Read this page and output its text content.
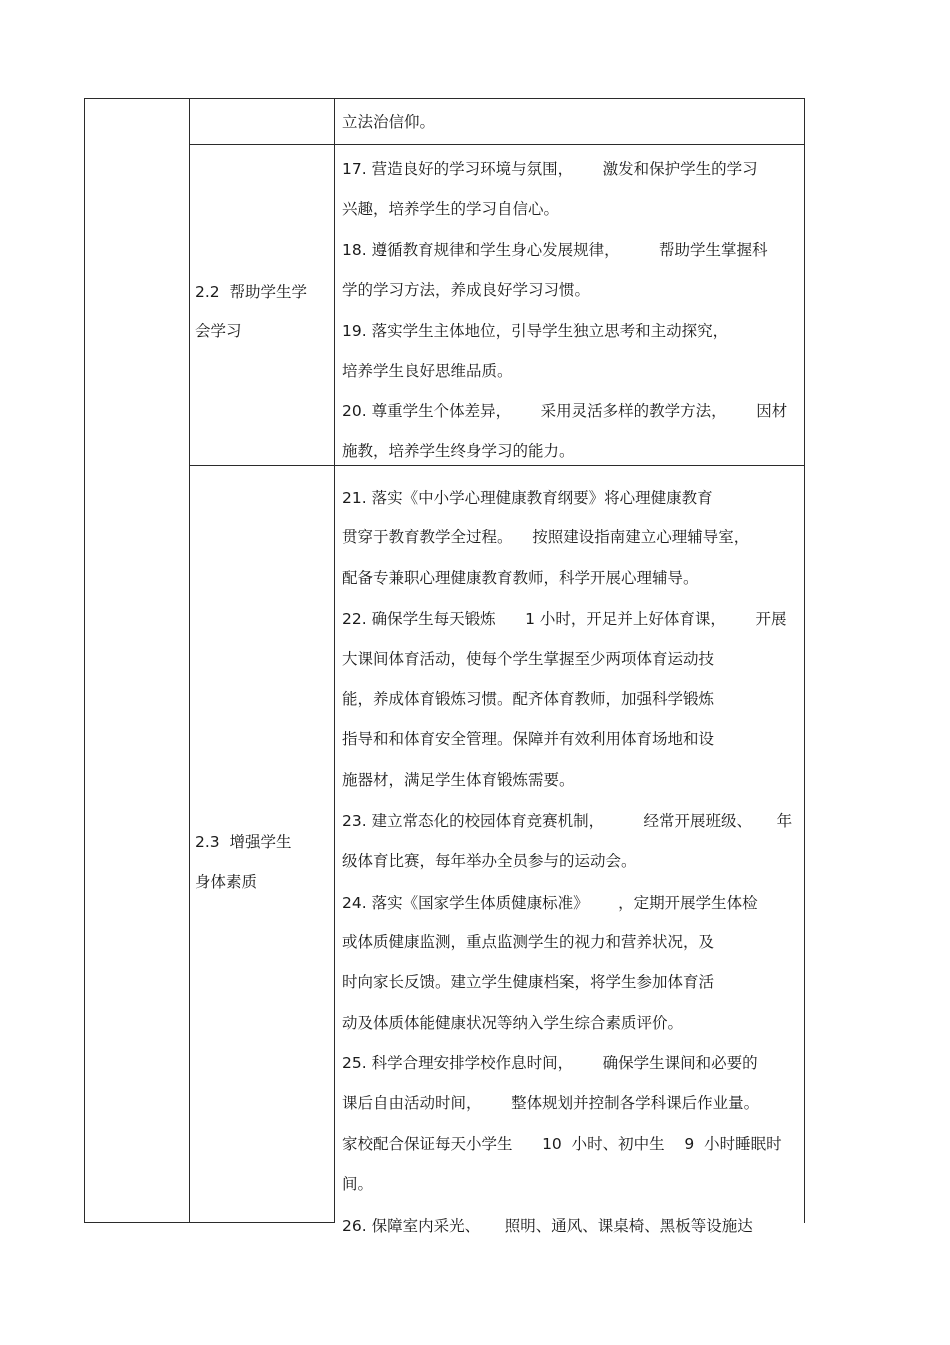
立法治信仰。
2.2  帮助学生学
会学习
17. 营造良好的学习环境与氛围，      激发和保护学生的学习
兴趣，培养学生的学习自信心。
18. 遵循教育规律和学生身心发展规律，        帮助学生掌握科
学的学习方法，养成良好学习习惯。
19. 落实学生主体地位，引导学生独立思考和主动探究，
培养学生良好思维品质。
20. 尊重学生个体差异，      采用灵活多样的教学方法，      因材
施教，培养学生终身学习的能力。
2.3  增强学生
身体素质
21. 落实《中小学心理健康教育纲要》将心理健康教育
贯穿于教育教学全过程。    按照建设指南建立心理辅导室，
配备专兼职心理健康教育教师，科学开展心理辅导。
22. 确保学生每天锻炼      1 小时，开足并上好体育课，      开展
大课间体育活动，使每个学生掌握至少两项体育运动技
能，养成体育锻炼习惯。配齐体育教师，加强科学锻炼
指导和和体育安全管理。保障并有效利用体育场地和设
施器材，满足学生体育锻炼需要。
23. 建立常态化的校园体育竞赛机制，        经常开展班级、     年
级体育比赛，每年举办全员参与的运动会。
24. 落实《国家学生体质健康标准》      ，定期开展学生体检
或体质健康监测，重点监测学生的视力和营养状况，及
时向家长反馈。建立学生健康档案，将学生参加体育活
动及体质体能健康状况等纳入学生综合素质评价。
25. 科学合理安排学校作息时间，      确保学生课间和必要的
课后自由活动时间，      整体规划并控制各学科课后作业量。
家校配合保证每天小学生      10  小时、初中生    9  小时睡眠时
间。
26. 保障室内采光、     照明、通风、课桌椅、黑板等设施达
